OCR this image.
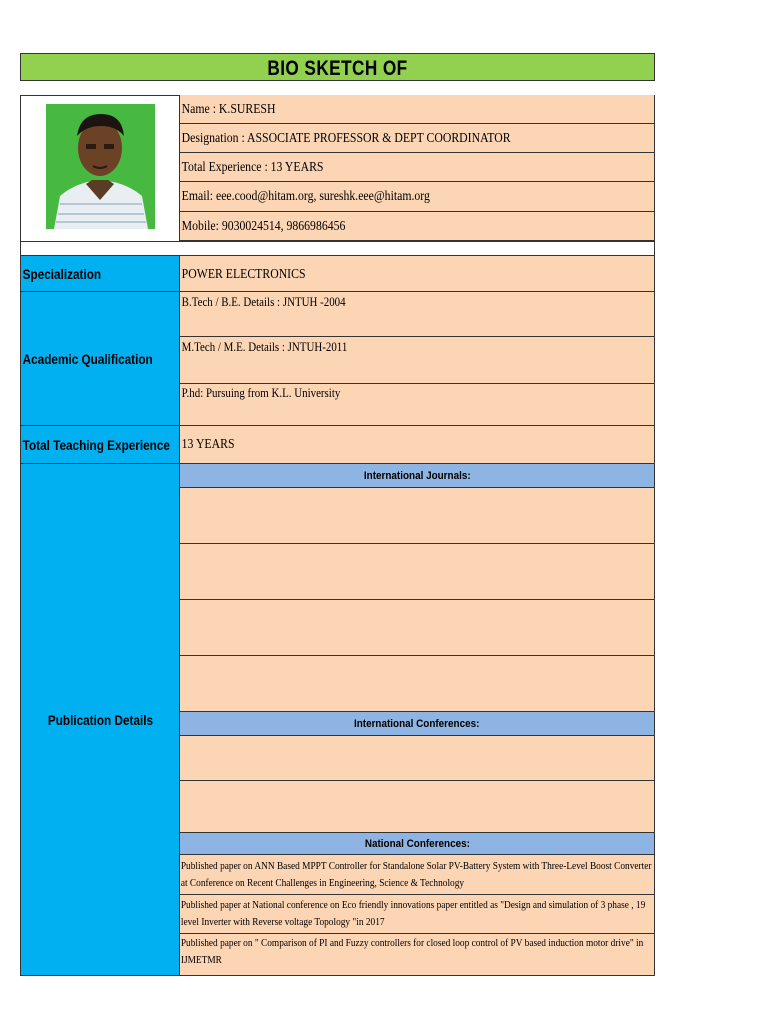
BIO SKETCH OF
Name : K.SURESH
Designation : ASSOCIATE PROFESSOR & DEPT COORDINATOR
Total Experience : 13 YEARS
Email: eee.cood@hitam.org, sureshk.eee@hitam.org
Mobile: 9030024514, 9866986456
Specialization	POWER ELECTRONICS
Academic Qualification
B.Tech / B.E. Details : JNTUH -2004
M.Tech / M.E. Details : JNTUH-2011
P.hd: Pursuing from K.L. University
Total Teaching Experience 13 YEARS
Publication Details
International Journals:
International Conferences:
National Conferences:
Published paper on ANN Based MPPT Controller for Standalone Solar PV-Battery System with Three-Level Boost Converter at Conference on Recent Challenges in Engineering, Science & Technology
Published paper at National conference on Eco friendly innovations paper entitled as "Design and simulation of 3 phase , 19 level Inverter with Reverse voltage Topology "in 2017
Published paper on " Comparison of PI and Fuzzy controllers for closed loop control of PV based induction motor drive" in IJMETMR
